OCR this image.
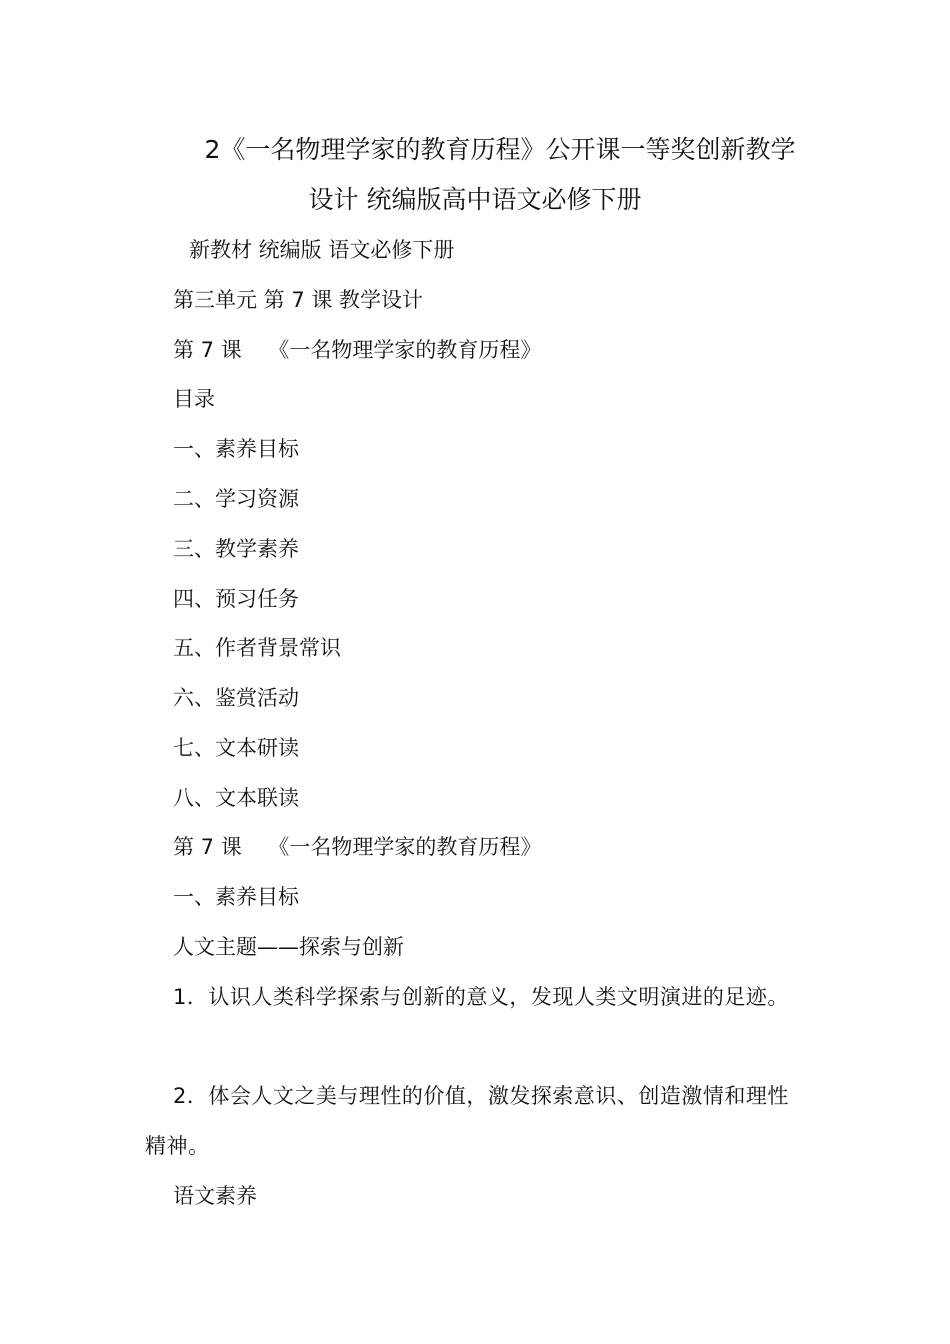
2《一名物理学家的教育历程》公开课一等奖创新教学
设计 统编版高中语文必修下册
新教材 统编版 语文必修下册
第三单元 第 7 课 教学设计
第 7 课    《一名物理学家的教育历程》
目录
一、素养目标
二、学习资源
三、教学素养
四、预习任务
五、作者背景常识
六、鉴赏活动
七、文本研读
八、文本联读
第 7 课    《一名物理学家的教育历程》
一、素养目标
人文主题——探索与创新
1．认识人类科学探索与创新的意义，发现人类文明演进的足迹。
2．体会人文之美与理性的价值，激发探索意识、创造激情和理性精神。
语文素养
